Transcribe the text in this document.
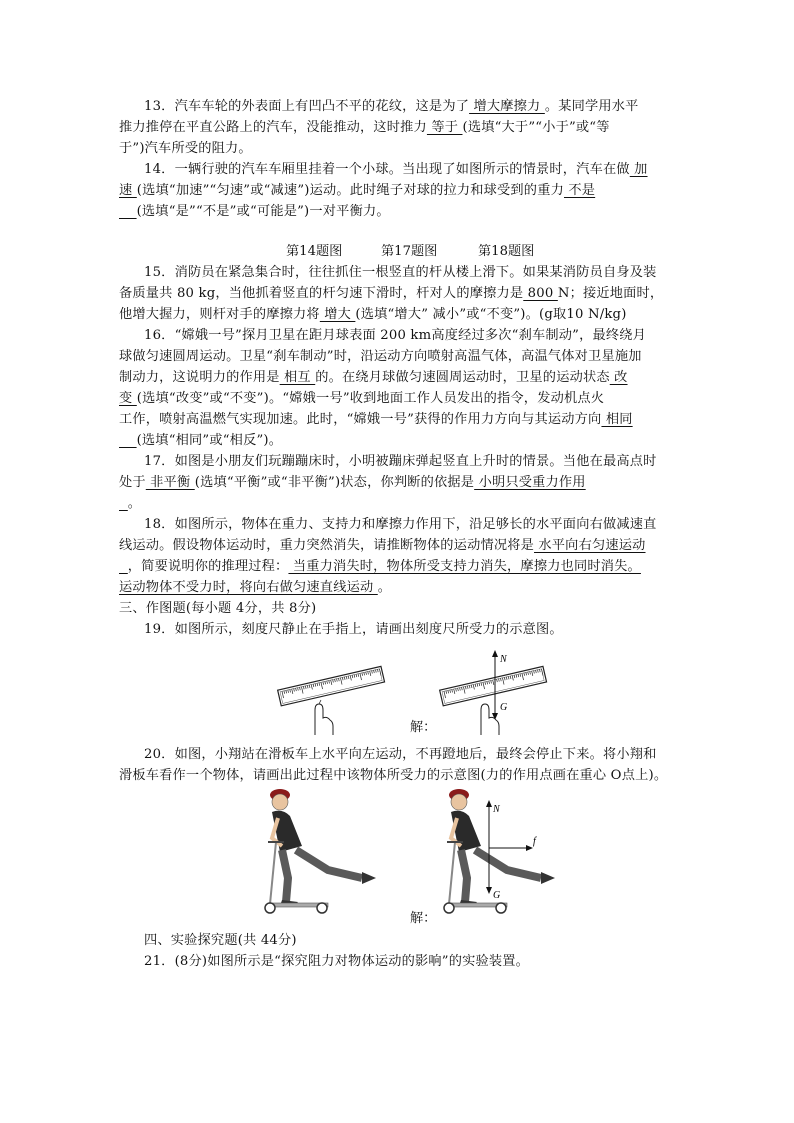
13．汽车车轮的外表面上有凹凸不平的花纹，这是为了 增大摩擦力 。某同学用水平
推力推停在平直公路上的汽车，没能推动，这时推力 等于 (选填“大于”“小于”或“等
于”)汽车所受的阻力。
14．一辆行驶的汽车车厢里挂着一个小球。当出现了如图所示的情景时，汽车在做 加
速 (选填“加速”“匀速”或“减速”)运动。此时绳子对球的拉力和球受到的重力 不是
(选填“是”“不是”或“可能是”)一对平衡力。
第14题图	第17题图	第18题图
15．消防员在紧急集合时，往往抓住一根竖直的杆从楼上滑下。如果某消防员自身及装
备质量共 80 kg，当他抓着竖直的杆匀速下滑时，杆对人的摩擦力是 800 N；接近地面时，
他增大握力，则杆对手的摩擦力将 增大 (选填“增大” 减小”或“不变”)。(g取10 N/kg)
16．“嫦娥一号”探月卫星在距月球表面 200 km高度经过多次“刹车制动”，最终绕月
球做匀速圆周运动。卫星“刹车制动”时，沿运动方向喷射高温气体，高温气体对卫星施加
制动力，这说明力的作用是 相互 的。在绕月球做匀速圆周运动时，卫星的运动状态 改
变 (选填“改变”或“不变”)。“嫦娥一号”收到地面工作人员发出的指令，发动机点火
工作，喷射高温燃气实现加速。此时，“嫦娥一号”获得的作用力方向与其运动方向 相同
(选填“相同”或“相反”)。
17．如图是小朋友们玩蹦蹦床时，小明被蹦床弹起竖直上升时的情景。当他在最高点时
处于 非平衡 (选填“平衡”或“非平衡”)状态，你判断的依据是 小明只受重力作用
。
18．如图所示，物体在重力、支持力和摩擦力作用下，沿足够长的水平面向右做减速直
线运动。假设物体运动时，重力突然消失，请推断物体的运动情况将是 水平向右匀速运动
，简要说明你的推理过程： 当重力消失时，物体所受支持力消失，摩擦力也同时消失。
运动物体不受力时，将向右做匀速直线运动 。
三、作图题(每小题 4分，共 8分)
19．如图所示，刻度尺静止在手指上，请画出刻度尺所受力的示意图。
N
G
解：
20．如图，小翔站在滑板车上水平向左运动，不再蹬地后，最终会停止下来。将小翔和
滑板车看作一个物体，请画出此过程中该物体所受力的示意图(力的作用点画在重心 O点上)。
N
f
G
解：
四、实验探究题(共 44分)
21．(8分)如图所示是“探究阻力对物体运动的影响”的实验装置。
